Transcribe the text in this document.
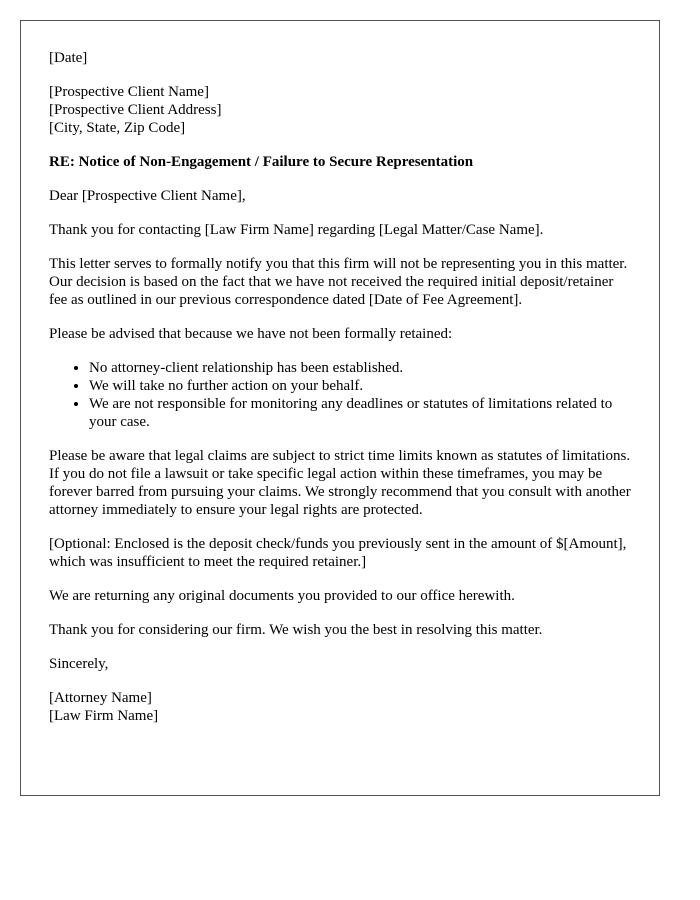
[Date]

[Prospective Client Name]
[Prospective Client Address]
[City, State, Zip Code]

RE: Notice of Non-Engagement / Failure to Secure Representation

Dear [Prospective Client Name],

Thank you for contacting [Law Firm Name] regarding [Legal Matter/Case Name].

This letter serves to formally notify you that this firm will not be representing you in this matter. Our decision is based on the fact that we have not received the required initial deposit/retainer fee as outlined in our previous correspondence dated [Date of Fee Agreement].

Please be advised that because we have not been formally retained:

• No attorney-client relationship has been established.
• We will take no further action on your behalf.
• We are not responsible for monitoring any deadlines or statutes of limitations related to your case.

Please be aware that legal claims are subject to strict time limits known as statutes of limitations. If you do not file a lawsuit or take specific legal action within these timeframes, you may be forever barred from pursuing your claims. We strongly recommend that you consult with another attorney immediately to ensure your legal rights are protected.

[Optional: Enclosed is the deposit check/funds you previously sent in the amount of $[Amount], which was insufficient to meet the required retainer.]

We are returning any original documents you provided to our office herewith.

Thank you for considering our firm. We wish you the best in resolving this matter.

Sincerely,

[Attorney Name]
[Law Firm Name]
